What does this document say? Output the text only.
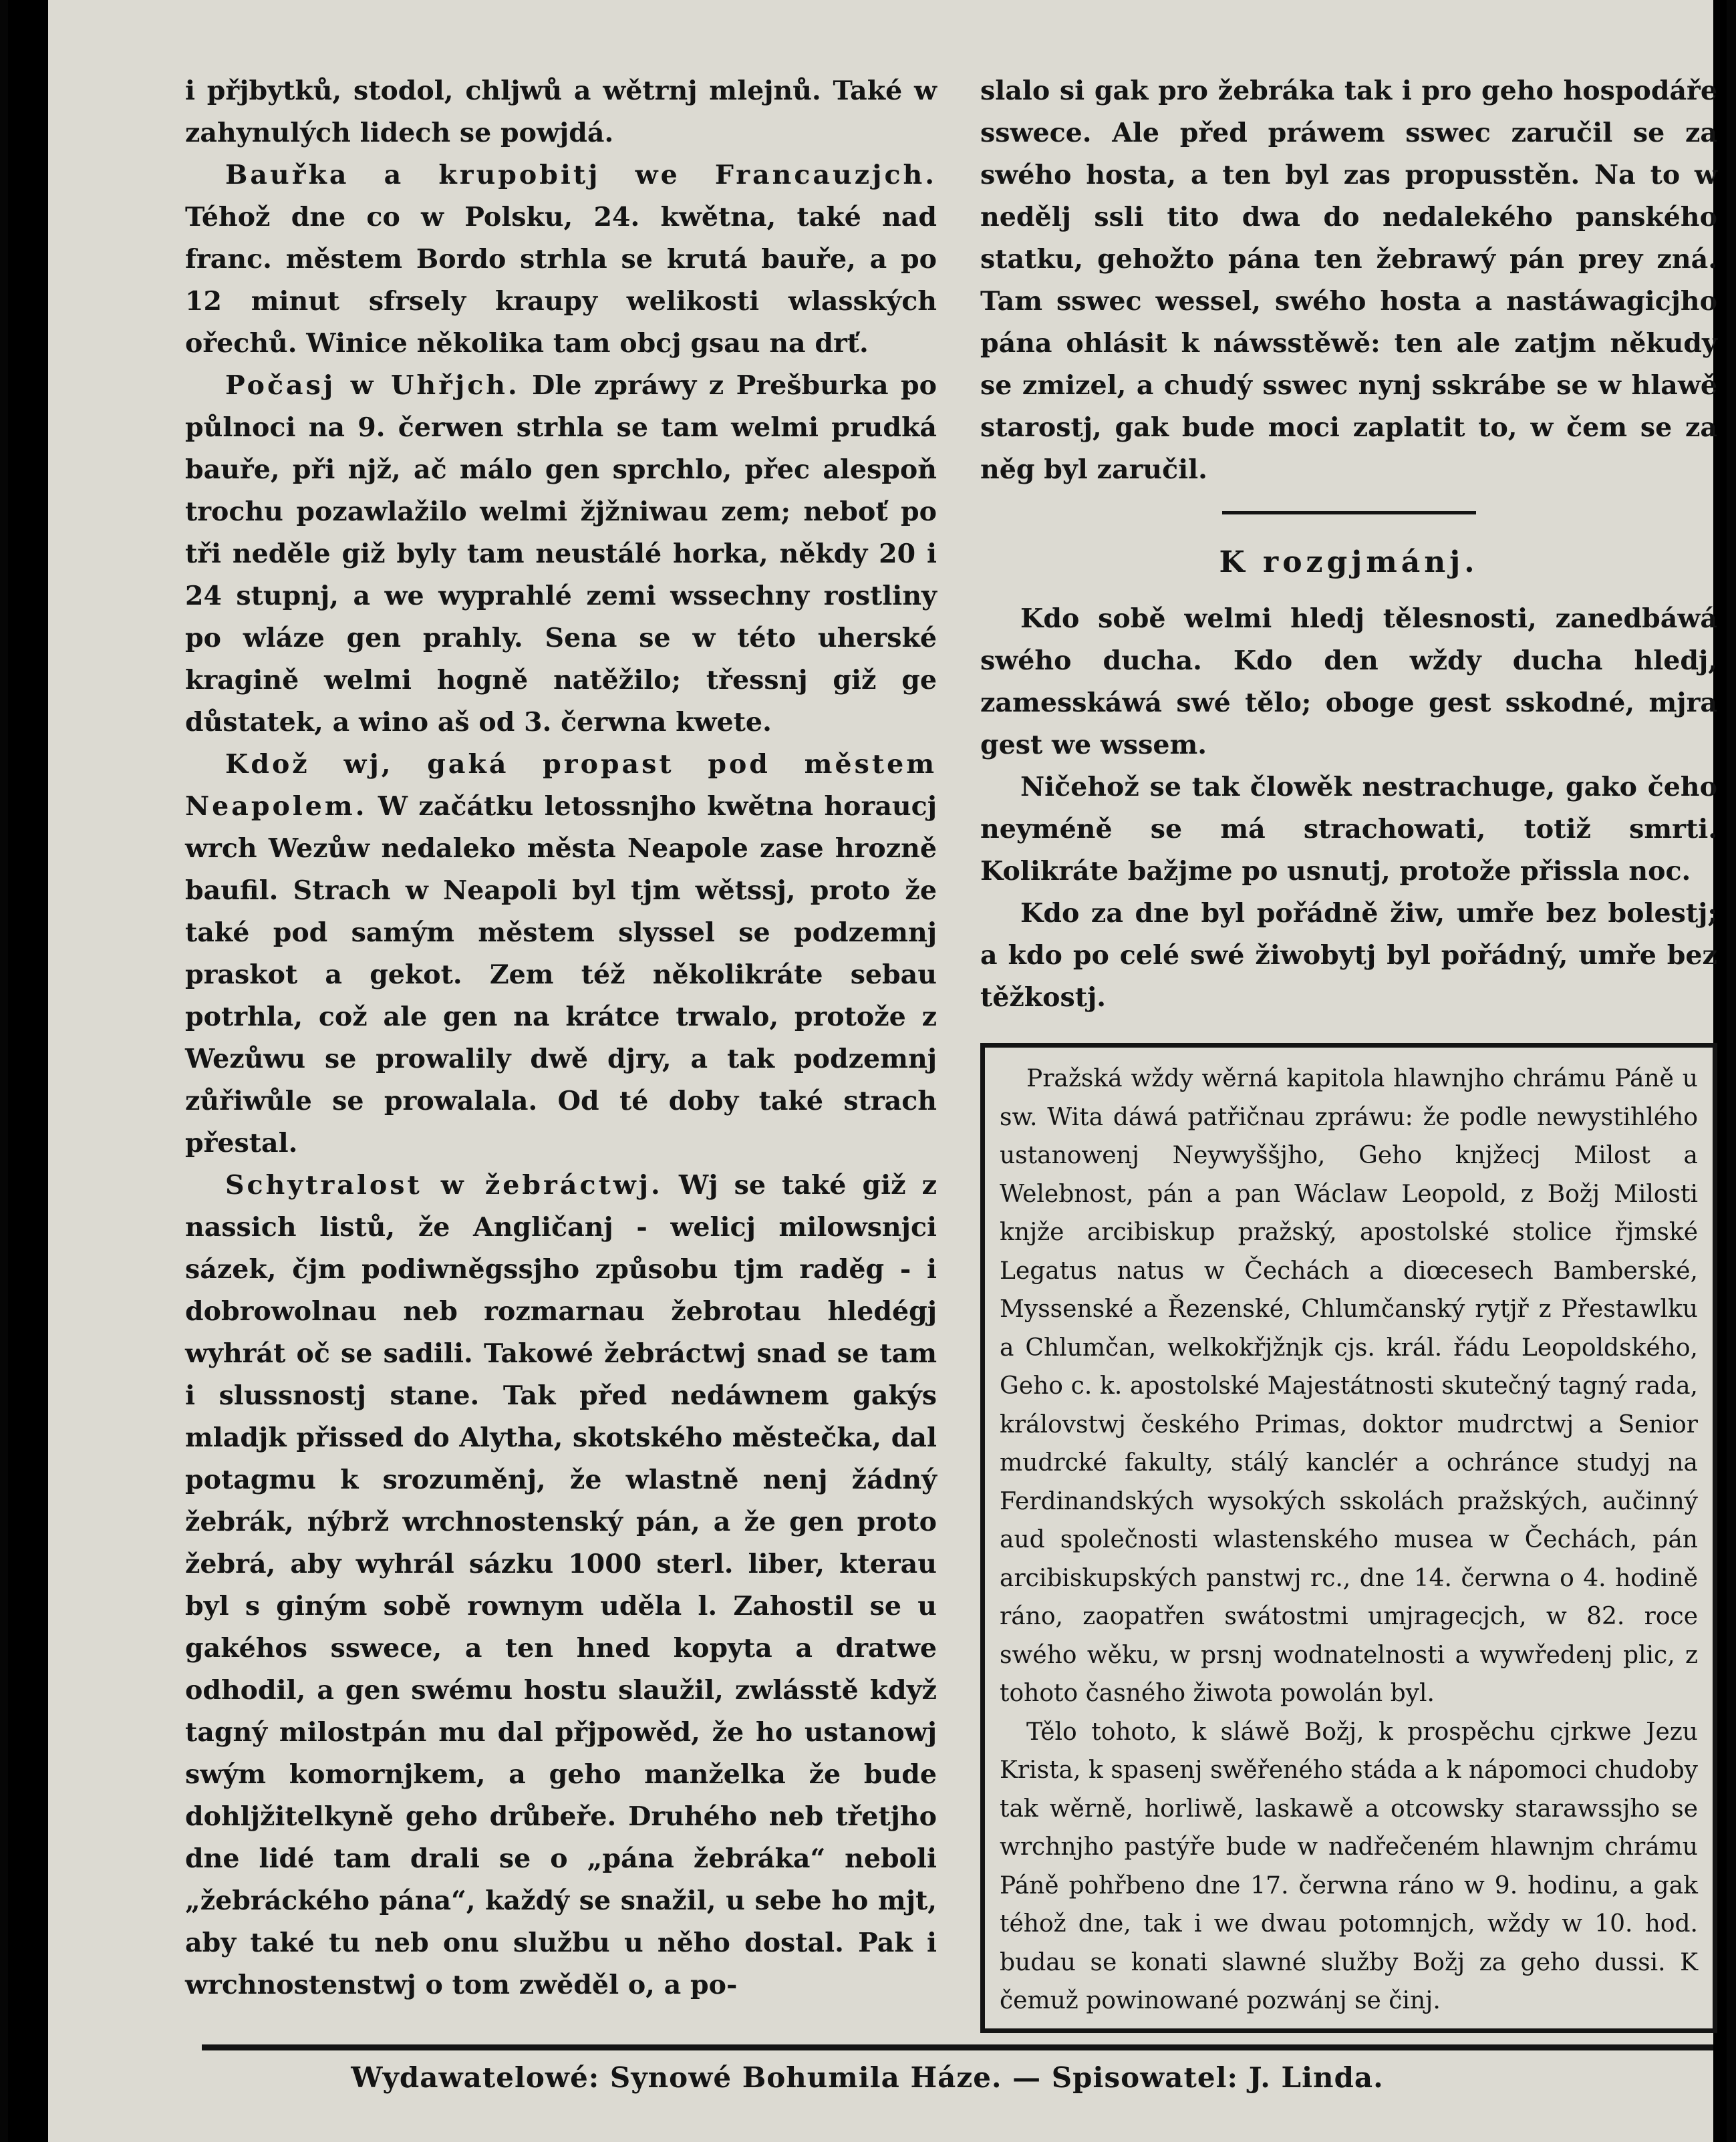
i přjbytků, stodol, chljwů a wětrnj mlejnů. Také w zahynulých lidech se powjdá.

Bauřka a krupobitj we Francauzjch. Téhož dne co w Polsku, 24. kwětna, také nad franc. městem Bordo strhla se krutá bauře, a po 12 minut sfrsely kraupy welikosti wlasských ořechů. Winice několika tam obcj gsau na drť.

Počasj w Uhřjch. Dle zpráwy z Prešburka po půlnoci na 9. čerwen strhla se tam welmi prudká bauře, při njž, ač málo gen sprchlo, přec alespoň trochu pozawlažilo welmi žjžniwau zem; neboť po tři neděle giž byly tam neustálé horka, někdy 20 i 24 stupnj, a we wyprahlé zemi wssechny rostliny po wláze gen prahly. Sena se w této uherské kragině welmi hogně natěžilo; třessnj giž ge důstatek, a wino aš od 3. čerwna kwete.

Kdož wj, gaká propast pod městem Neapolem. W začátku letossnjho kwětna horaucj wrch Wezůw nedaleko města Neapole zase hrozně baufil. Strach w Neapoli byl tjm wětssj, proto že také pod samým městem slyssel se podzemnj praskot a gekot. Zem též několikráte sebau potrhla, což ale gen na krátce trwalo, protože z Wezůwu se prowalily dwě djry, a tak podzemnj zůřiwůle se prowalala. Od té doby také strach přestal.

Schytralost w žebráctwj. Wj se také giž z nassich listů, že Angličanj - welicj milowsnjci sázek, čjm podiwněgssjho způsobu tjm raděg - i dobrowolnau neb rozmarnau žebrotau hledégj wyhrát oč se sadili. Takowé žebráctwj snad se tam i slussnostj stane. Tak před nedáwnem gakýs mladjk přissed do Alytha, skotského městečka, dal potagmu k srozuměnj, že wlastně nenj žádný žebrák, nýbrž wrchnostenský pán, a že gen proto žebrá, aby wyhrál sázku 1000 sterl. liber, kterau byl s giným sobě rownym uděla l. Zahostil se u gakéhos sswece, a ten hned kopyta a dratwe odhodil, a gen swému hostu slaužil, zwlásstě když tagný milostpán mu dal přjpowěd, že ho ustanowj swým komornjkem, a geho manželka že bude dohljžitelkyně geho drůbeře. Druhého neb třetjho dne lidé tam drali se o „pána žebráka“ neboli „žebráckého pána“, každý se snažil, u sebe ho mjt, aby také tu neb onu službu u něho dostal. Pak i wrchnostenstwj o tom zwěděl o, a po-

slalo si gak pro žebráka tak i pro geho hospodáře sswece. Ale před práwem sswec zaručil se za swého hosta, a ten byl zas propusstěn. Na to w nedělj ssli tito dwa do nedalekého panského statku, gehožto pána ten žebrawý pán prey zná. Tam sswec wessel, swého hosta a nastáwagicjho pána ohlásit k náwsstěwě: ten ale zatjm někudy se zmizel, a chudý sswec nynj sskrábe se w hlawě starostj, gak bude moci zaplatit to, w čem se za něg byl zaručil.

K rozgjmánj.

Kdo sobě welmi hledj tělesnosti, zanedbáwá swého ducha. Kdo den wždy ducha hledj, zamesskáwá swé tělo; oboge gest sskodné, mjra gest we wssem.

Ničehož se tak člowěk nestrachuge, gako čeho neyméně se má strachowati, totiž smrti. Kolikráte bažjme po usnutj, protože přissla noc.

Kdo za dne byl pořádně žiw, umře bez bolestj; a kdo po celé swé žiwobytj byl pořádný, umře bez těžkostj.

Pražská wždy wěrná kapitola hlawnjho chrámu Páně u sw. Wita dáwá patřičnau zpráwu: že podle newystihlého ustanowenj Neywyššjho, Geho knjžecj Milost a Welebnost, pán a pan Wáclaw Leopold, z Božj Milosti knjže arcibiskup pražský, apostolské stolice řjmské Legatus natus w Čechách a diœcesech Bamberské, Myssenské a Řezenské, Chlumčanský rytjř z Přestawlku a Chlumčan, welkokřjžnjk cjs. král. řádu Leopoldského, Geho c. k. apostolské Majestátnosti skutečný tagný rada, královstwj českého Primas, doktor mudrctwj a Senior mudrcké fakulty, stálý kanclér a ochránce studyj na Ferdinandských wysokých sskolách pražských, aučinný aud společnosti wlastenského musea w Čechách, pán arcibiskupských panstwj rc., dne 14. čerwna o 4. hodině ráno, zaopatřen swátostmi umjragecjch, w 82. roce swého wěku, w prsnj wodnatelnosti a wywředenj plic, z tohoto časného žiwota powolán byl.

Tělo tohoto, k sláwě Božj, k prospěchu cjrkwe Jezu Krista, k spasenj swěřeného stáda a k nápomoci chudoby tak wěrně, horliwě, laskawě a otcowsky starawssjho se wrchnjho pastýře bude w nadřečeném hlawnjm chrámu Páně pohřbeno dne 17. čerwna ráno w 9. hodinu, a gak téhož dne, tak i we dwau potomnjch, wždy w 10. hod. budau se konati slawné služby Božj za geho dussi. K čemuž powinowané pozwánj se činj.

Wydawatelowé: Synowé Bohumila Háze. — Spisowatel: J. Linda.
